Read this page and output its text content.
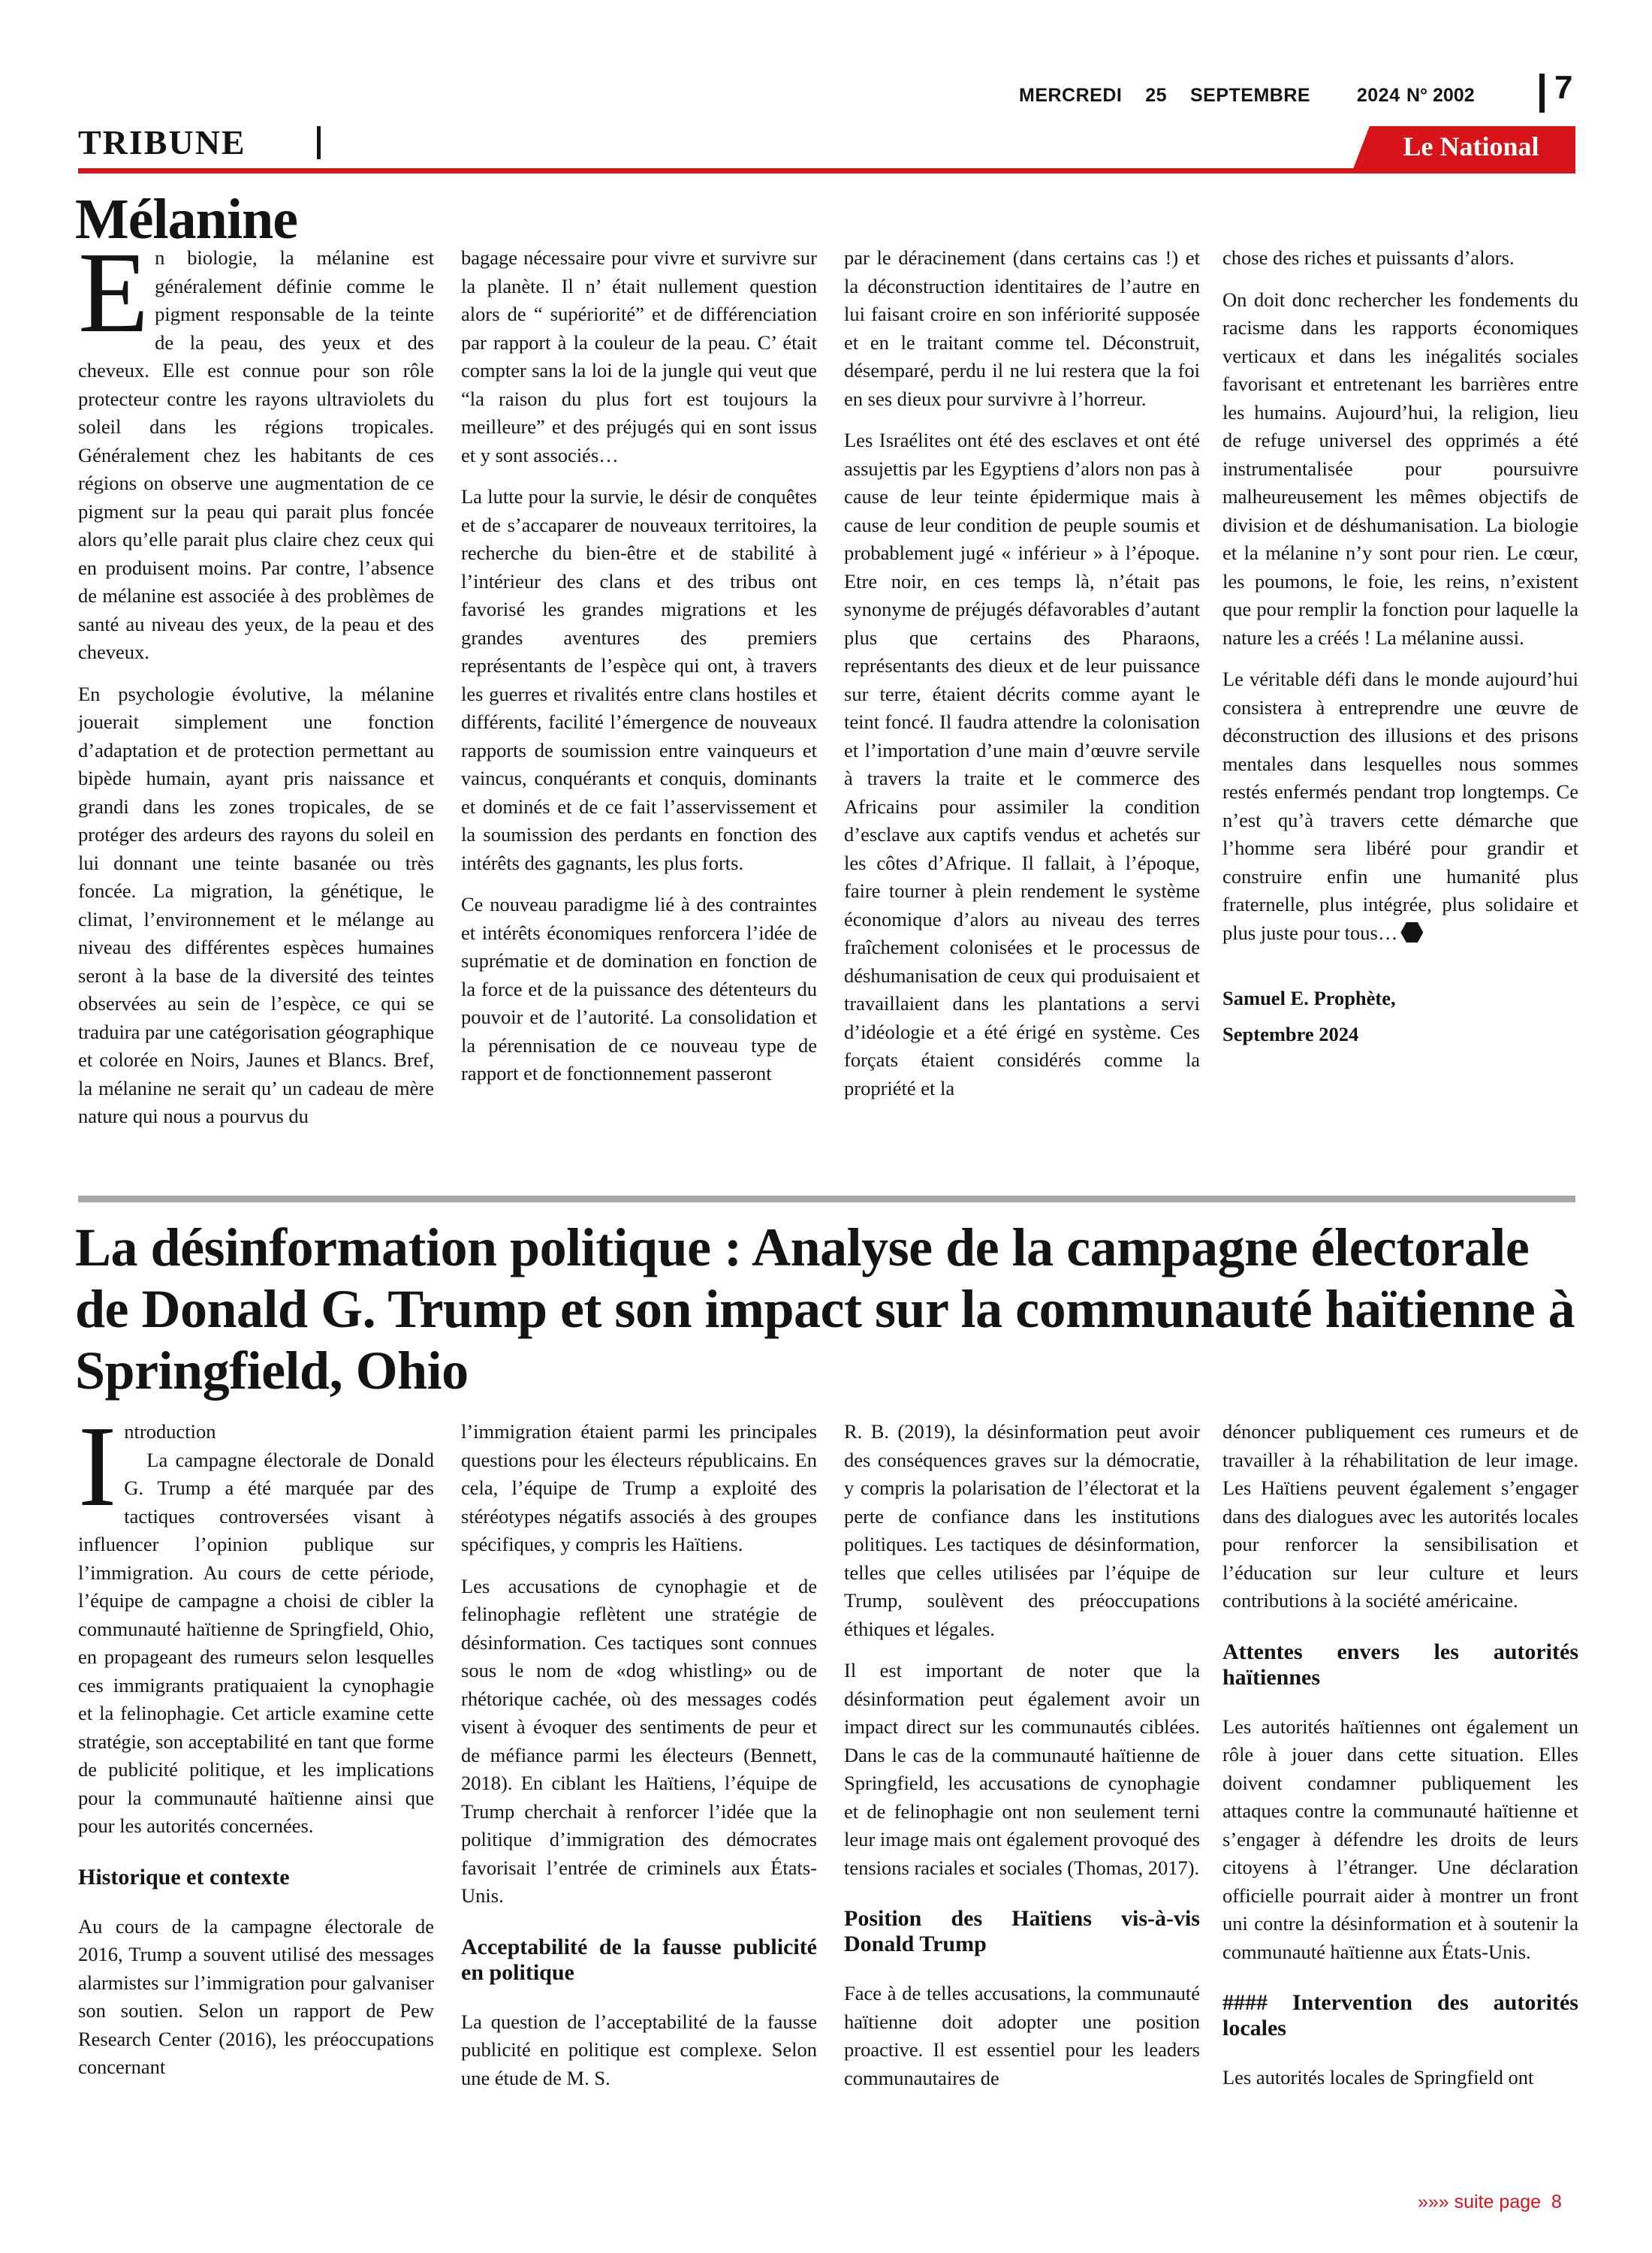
MERCREDI 25 SEPTEMBRE 2024 N° 2002 7
TRIBUNE	Le National
Mélanine

En biologie, la mélanine est généralement définie comme le pigment responsable de la teinte de la peau, des yeux et des cheveux. Elle est connue pour son rôle protecteur contre les rayons ultraviolets du soleil dans les régions tropicales. Généralement chez les habitants de ces régions on observe une augmentation de ce pigment sur la peau qui parait plus foncée alors qu’elle parait plus claire chez ceux qui en produisent moins. Par contre, l’absence de mélanine est associée à des problèmes de santé au niveau des yeux, de la peau et des cheveux.

En psychologie évolutive, la mélanine jouerait simplement une fonction d’adaptation et de protection permettant au bipède humain, ayant pris naissance et grandi dans les zones tropicales, de se protéger des ardeurs des rayons du soleil en lui donnant une teinte basanée ou très foncée. La migration, la génétique, le climat, l’environnement et le mélange au niveau des différentes espèces humaines seront à la base de la diversité des teintes observées au sein de l’espèce, ce qui se traduira par une catégorisation géographique et colorée en Noirs, Jaunes et Blancs. Bref, la mélanine ne serait qu’ un cadeau de mère nature qui nous a pourvus du

bagage nécessaire pour vivre et survivre sur la planète. Il n’ était nullement question alors de “ supériorité” et de différenciation par rapport à la couleur de la peau. C’ était compter sans la loi de la jungle qui veut que “la raison du plus fort est toujours la meilleure” et des préjugés qui en sont issus et y sont associés…

La lutte pour la survie, le désir de conquêtes et de s’accaparer de nouveaux territoires, la recherche du bien-être et de stabilité à l’intérieur des clans et des tribus ont favorisé les grandes migrations et les grandes aventures des premiers représentants de l’espèce qui ont, à travers les guerres et rivalités entre clans hostiles et différents, facilité l’émergence de nouveaux rapports de soumission entre vainqueurs et vaincus, conquérants et conquis, dominants et dominés et de ce fait l’asservissement et la soumission des perdants en fonction des intérêts des gagnants, les plus forts.

Ce nouveau paradigme lié à des contraintes et intérêts économiques renforcera l’idée de suprématie et de domination en fonction de la force et de la puissance des détenteurs du pouvoir et de l’autorité. La consolidation et la pérennisation de ce nouveau type de rapport et de fonctionnement passeront

par le déracinement (dans certains cas !) et la déconstruction identitaires de l’autre en lui faisant croire en son infériorité supposée et en le traitant comme tel. Déconstruit, désemparé, perdu il ne lui restera que la foi en ses dieux pour survivre à l’horreur.

Les Israélites ont été des esclaves et ont été assujettis par les Egyptiens d’alors non pas à cause de leur teinte épidermique mais à cause de leur condition de peuple soumis et probablement jugé « inférieur » à l’époque. Etre noir, en ces temps là, n’était pas synonyme de préjugés défavorables d’autant plus que certains des Pharaons, représentants des dieux et de leur puissance sur terre, étaient décrits comme ayant le teint foncé. Il faudra attendre la colonisation et l’importation d’une main d’œuvre servile à travers la traite et le commerce des Africains pour assimiler la condition d’esclave aux captifs vendus et achetés sur les côtes d’Afrique. Il fallait, à l’époque, faire tourner à plein rendement le système économique d’alors au niveau des terres fraîchement colonisées et le processus de déshumanisation de ceux qui produisaient et travaillaient dans les plantations a servi d’idéologie et a été érigé en système. Ces forçats étaient considérés comme la propriété et la

chose des riches et puissants d’alors.

On doit donc rechercher les fondements du racisme dans les rapports économiques verticaux et dans les inégalités sociales favorisant et entretenant les barrières entre les humains. Aujourd’hui, la religion, lieu de refuge universel des opprimés a été instrumentalisée pour poursuivre malheureusement les mêmes objectifs de division et de déshumanisation. La biologie et la mélanine n’y sont pour rien. Le cœur, les poumons, le foie, les reins, n’existent que pour remplir la fonction pour laquelle la nature les a créés ! La mélanine aussi.

Le véritable défi dans le monde aujourd’hui consistera à entreprendre une œuvre de déconstruction des illusions et des prisons mentales dans lesquelles nous sommes restés enfermés pendant trop longtemps. Ce n’est qu’à travers cette démarche que l’homme sera libéré pour grandir et construire enfin une humanité plus fraternelle, plus intégrée, plus solidaire et plus juste pour tous…

Samuel E. Prophète,
Septembre 2024
La désinformation politique : Analyse de la campagne électorale de Donald G. Trump et son impact sur la communauté haïtienne à Springfield, Ohio

Introduction
La campagne électorale de Donald G. Trump a été marquée par des tactiques controversées visant à influencer l’opinion publique sur l’immigration. Au cours de cette période, l’équipe de campagne a choisi de cibler la communauté haïtienne de Springfield, Ohio, en propageant des rumeurs selon lesquelles ces immigrants pratiquaient la cynophagie et la felinophagie. Cet article examine cette stratégie, son acceptabilité en tant que forme de publicité politique, et les implications pour la communauté haïtienne ainsi que pour les autorités concernées.

Historique et contexte

Au cours de la campagne électorale de 2016, Trump a souvent utilisé des messages alarmistes sur l’immigration pour galvaniser son soutien. Selon un rapport de Pew Research Center (2016), les préoccupations concernant

l’immigration étaient parmi les principales questions pour les électeurs républicains. En cela, l’équipe de Trump a exploité des stéréotypes négatifs associés à des groupes spécifiques, y compris les Haïtiens.

Les accusations de cynophagie et de felinophagie reflètent une stratégie de désinformation. Ces tactiques sont connues sous le nom de «dog whistling» ou de rhétorique cachée, où des messages codés visent à évoquer des sentiments de peur et de méfiance parmi les électeurs (Bennett, 2018). En ciblant les Haïtiens, l’équipe de Trump cherchait à renforcer l’idée que la politique d’immigration des démocrates favorisait l’entrée de criminels aux États-Unis.

Acceptabilité de la fausse publicité en politique

La question de l’acceptabilité de la fausse publicité en politique est complexe. Selon une étude de M. S.

R. B. (2019), la désinformation peut avoir des conséquences graves sur la démocratie, y compris la polarisation de l’électorat et la perte de confiance dans les institutions politiques. Les tactiques de désinformation, telles que celles utilisées par l’équipe de Trump, soulèvent des préoccupations éthiques et légales.

Il est important de noter que la désinformation peut également avoir un impact direct sur les communautés ciblées. Dans le cas de la communauté haïtienne de Springfield, les accusations de cynophagie et de felinophagie ont non seulement terni leur image mais ont également provoqué des tensions raciales et sociales (Thomas, 2017).

Position des Haïtiens vis-à-vis Donald Trump

Face à de telles accusations, la communauté haïtienne doit adopter une position proactive. Il est essentiel pour les leaders communautaires de

dénoncer publiquement ces rumeurs et de travailler à la réhabilitation de leur image. Les Haïtiens peuvent également s’engager dans des dialogues avec les autorités locales pour renforcer la sensibilisation et l’éducation sur leur culture et leurs contributions à la société américaine.

Attentes envers les autorités haïtiennes

Les autorités haïtiennes ont également un rôle à jouer dans cette situation. Elles doivent condamner publiquement les attaques contre la communauté haïtienne et s’engager à défendre les droits de leurs citoyens à l’étranger. Une déclaration officielle pourrait aider à montrer un front uni contre la désinformation et à soutenir la communauté haïtienne aux États-Unis.

#### Intervention des autorités locales

Les autorités locales de Springfield ont

»»» suite page  8
